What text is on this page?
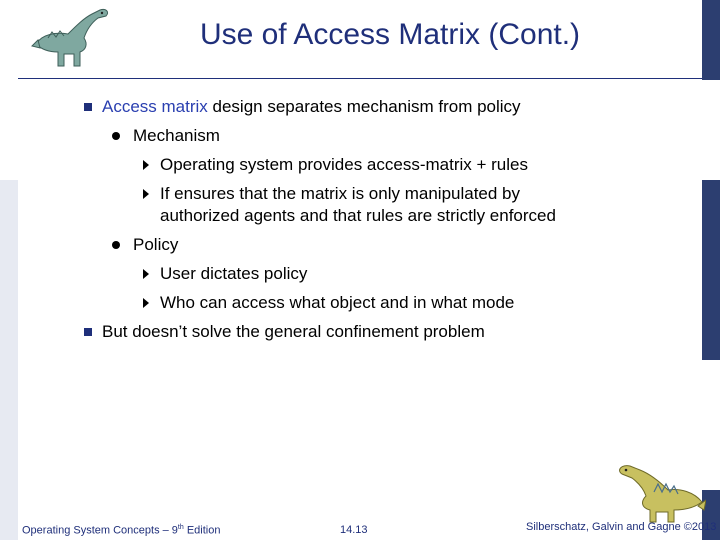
Use of Access Matrix (Cont.)
Access matrix design separates mechanism from policy
Mechanism
Operating system provides access-matrix + rules
If ensures that the matrix is only manipulated by
authorized agents and that rules are strictly enforced
Policy
User dictates policy
Who can access what object and in what mode
But doesn’t solve the general confinement problem
Operating System Concepts – 9th Edition	14.13	Silberschatz, Galvin and Gagne ©2013
